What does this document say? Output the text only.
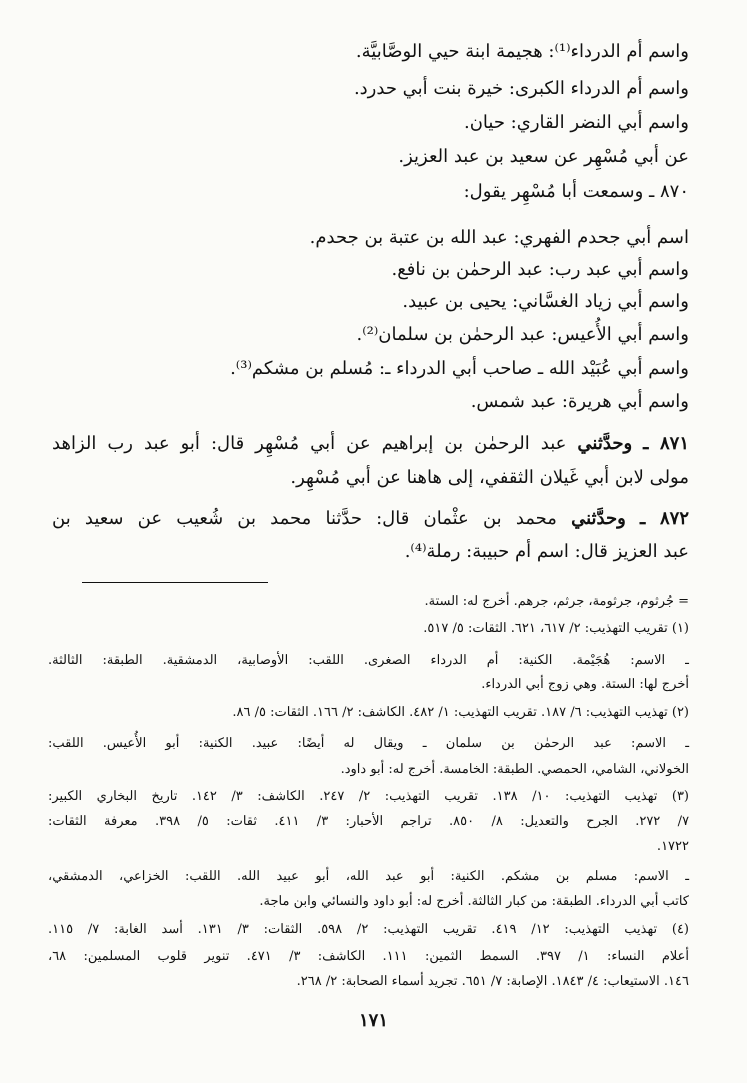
واسم أم الدرداء⁽¹⁾: هجيمة ابنة حيي الوصَّابيَّة.
واسم أم الدرداء الكبرى: خيرة بنت أبي حدرد.
واسم أبي النضر القاري: حيان.
عن أبي مُسْهِر عن سعيد بن عبد العزيز.
٨٧٠ ـ وسمعت أبا مُسْهِر يقول:
اسم أبي جحدم الفهري: عبد الله بن عتبة بن جحدم.
واسم أبي عبد رب: عبد الرحمٰن بن نافع.
واسم أبي زياد الغسَّاني: يحيى بن عبيد.
واسم أبي الأُعيس: عبد الرحمٰن بن سلمان⁽²⁾.
واسم أبي عُبَيْد الله ـ صاحب أبي الدرداء ـ: مُسلم بن مشكم⁽³⁾.
واسم أبي هريرة: عبد شمس.
٨٧١ ـ وحدَّثني عبد الرحمٰن بن إبراهيم عن أبي مُسْهِر قال: أبو عبد رب الزاهد
مولى لابن أبي غَيلان الثقفي، إلى هاهنا عن أبي مُسْهِر.
٨٧٢ ـ وحدَّثني محمد بن عثْمان قال: حدَّثنا محمد بن شُعيب عن سعيد بن
عبد العزيز قال: اسم أم حبيبة: رملة⁽⁴⁾.
= جُرثوم، جرثومة، جرثم، جرهم. أخرج له: الستة.
(١) تقريب التهذيب: ٢/ ٦١٧، ٦٢١. الثقات: ٥/ ٥١٧.
ـ الاسم: هُجَيْمة. الكنية: أم الدرداء الصغرى. اللقب: الأوصابية، الدمشقية. الطبقة: الثالثة.
أخرج لها: الستة. وهي زوج أبي الدرداء.
(٢) تهذيب التهذيب: ٦/ ١٨٧. تقريب التهذيب: ١/ ٤٨٢. الكاشف: ٢/ ١٦٦. الثقات: ٥/ ٨٦.
ـ الاسم: عبد الرحمٰن بن سلمان ـ ويقال له أيضًا: عبيد. الكنية: أبو الأُعيس. اللقب:
الخولاني، الشامي، الحمصي. الطبقة: الخامسة. أخرج له: أبو داود.
(٣) تهذيب التهذيب: ١٠/ ١٣٨. تقريب التهذيب: ٢/ ٢٤٧. الكاشف: ٣/ ١٤٢. تاريخ البخاري الكبير:
٧/ ٢٧٢. الجرح والتعديل: ٨/ ٨٥٠. تراجم الأحبار: ٣/ ٤١١. ثقات: ٥/ ٣٩٨. معرفة الثقات:
١٧٢٢.
ـ الاسم: مسلم بن مشكم. الكنية: أبو عبد الله، أبو عبيد الله. اللقب: الخزاعي، الدمشقي،
كاتب أبي الدرداء. الطبقة: من كبار الثالثة. أخرج له: أبو داود والنسائي وابن ماجة.
(٤) تهذيب التهذيب: ١٢/ ٤١٩. تقريب التهذيب: ٢/ ٥٩٨. الثقات: ٣/ ١٣١. أسد الغابة: ٧/ ١١٥.
أعلام النساء: ١/ ٣٩٧. السمط الثمين: ١١١. الكاشف: ٣/ ٤٧١. تنوير قلوب المسلمين: ٦٨،
١٤٦. الاستيعاب: ٤/ ١٨٤٣. الإصابة: ٧/ ٦٥١. تجريد أسماء الصحابة: ٢/ ٢٦٨.
١٧١
